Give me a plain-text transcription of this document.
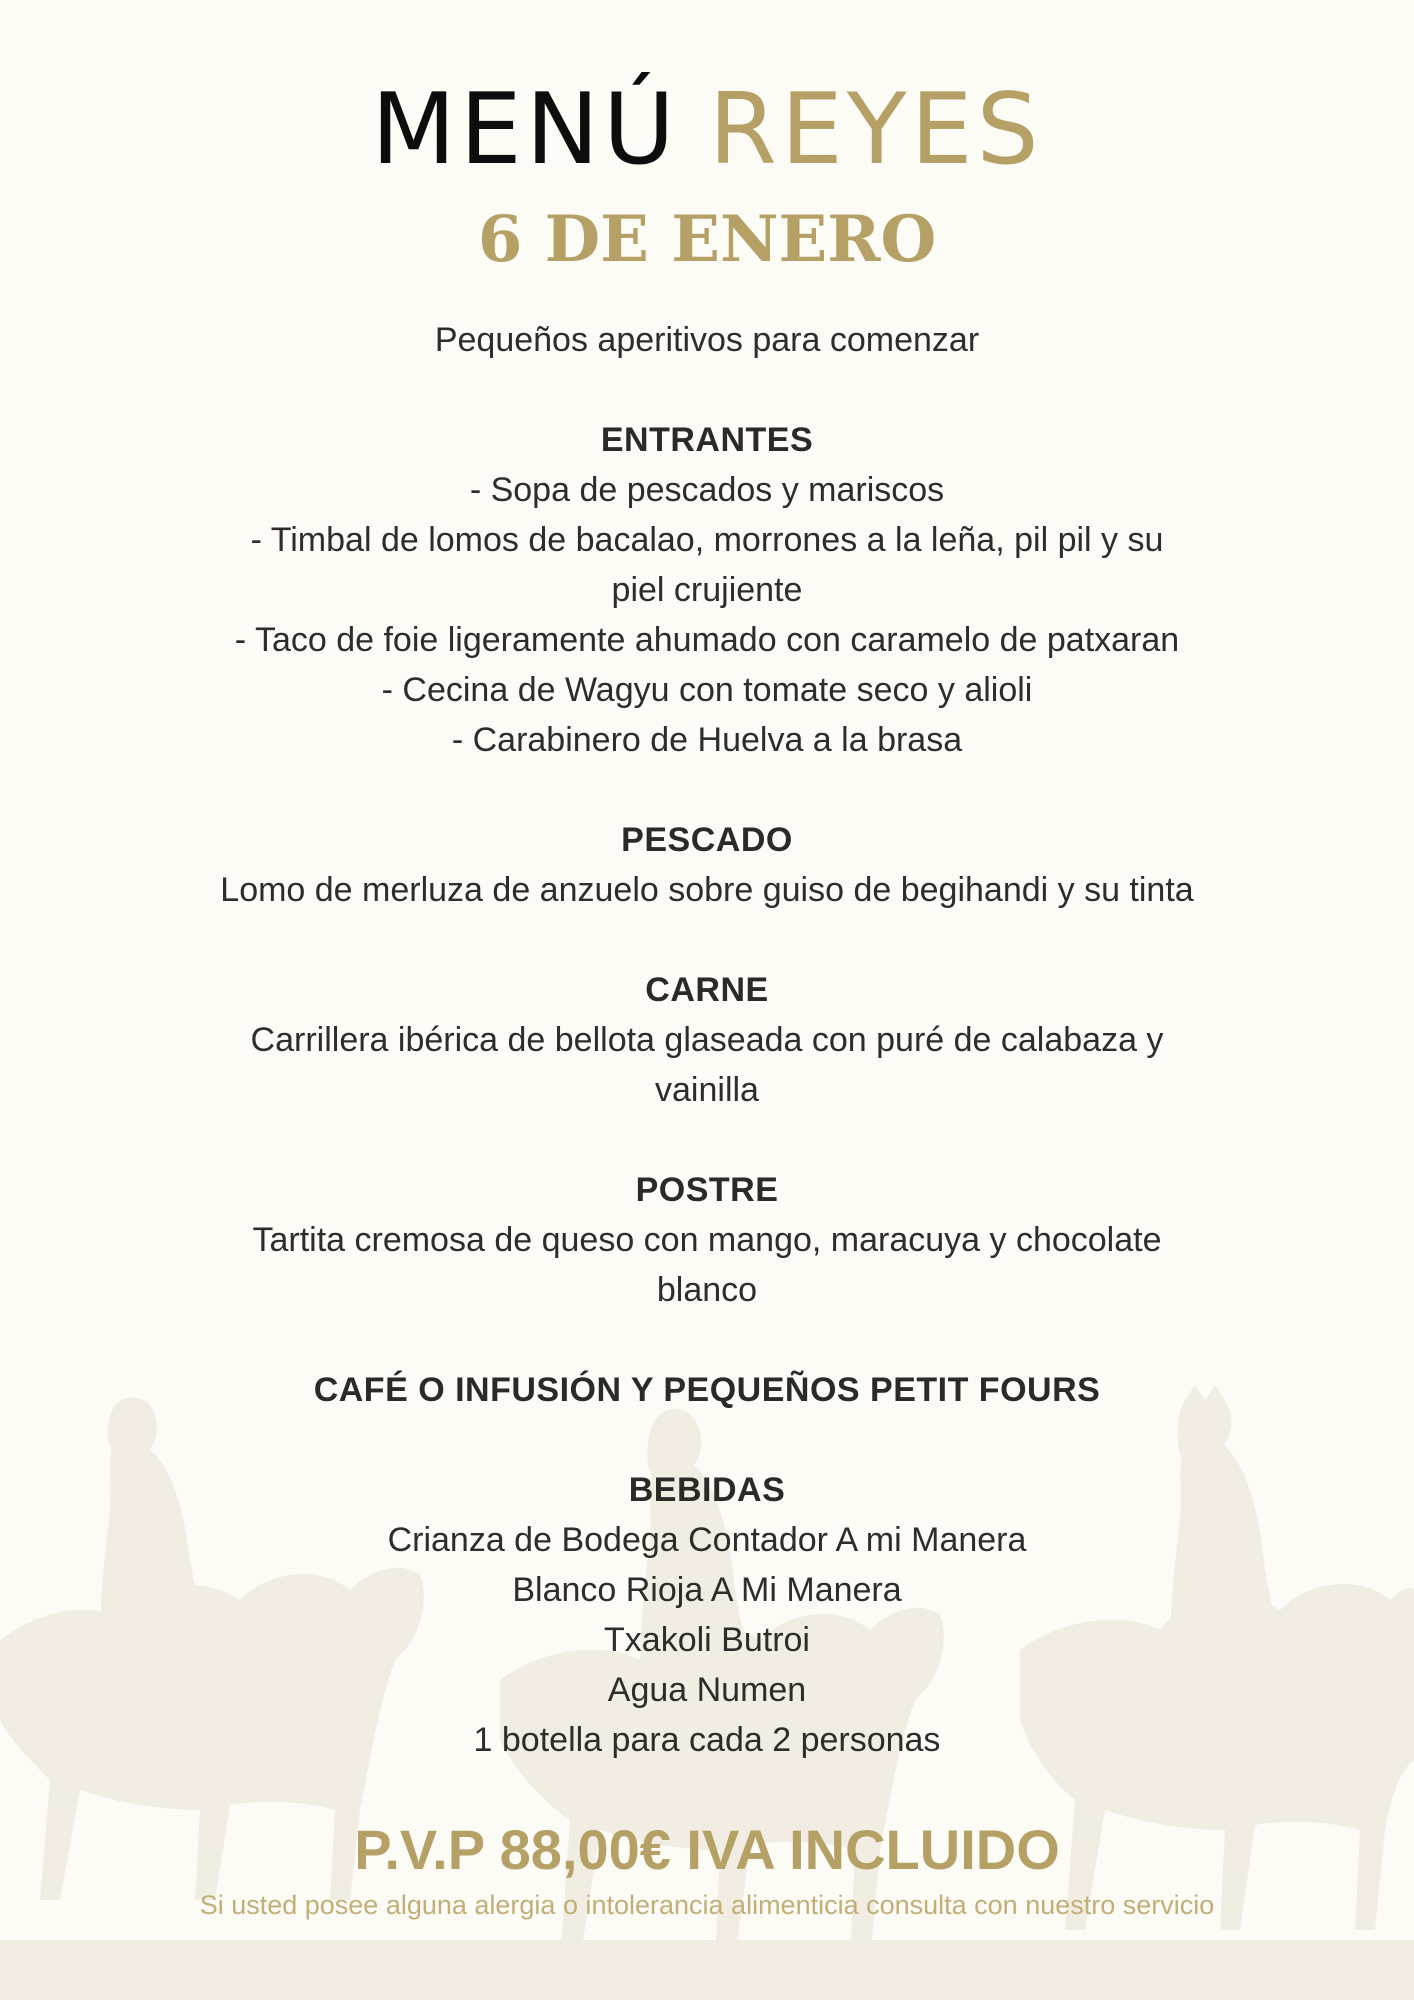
MENÚ REYES
6 DE ENERO

Pequeños aperitivos para comenzar

ENTRANTES

- Sopa de pescados y mariscos

- Timbal de lomos de bacalao, morrones a la leña, pil pil y su

piel crujiente

- Taco de foie ligeramente ahumado con caramelo de patxaran

- Cecina de Wagyu con tomate seco y alioli

- Carabinero de Huelva a la brasa

PESCADO

Lomo de merluza de anzuelo sobre guiso de begihandi y su tinta

CARNE

Carrillera ibérica de bellota glaseada con puré de calabaza y

vainilla

POSTRE

Tartita cremosa de queso con mango, maracuya y chocolate

blanco

CAFÉ O INFUSIÓN Y PEQUEÑOS PETIT FOURS

BEBIDAS

Crianza de Bodega Contador A mi Manera

Blanco Rioja A Mi Manera

Txakoli Butroi

Agua Numen

1 botella para cada 2 personas

P.V.P 88,00€ IVA INCLUIDO
Si usted posee alguna alergia o intolerancia alimenticia consulta con nuestro servicio
